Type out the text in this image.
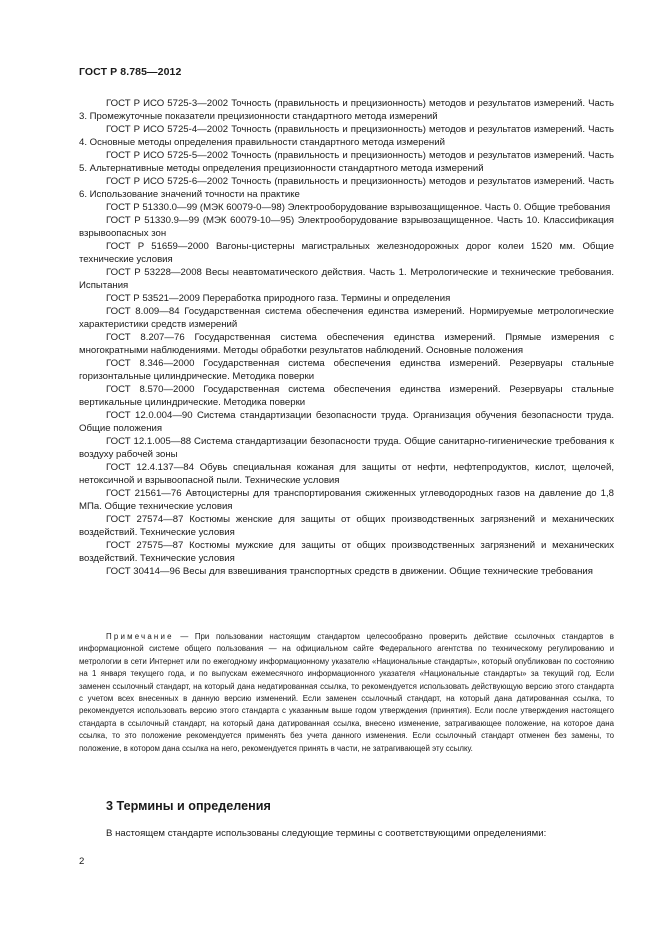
ГОСТ Р 8.785—2012

ГОСТ Р ИСО 5725-3—2002 Точность (правильность и прецизионность) методов и результатов измерений. Часть 3. Промежуточные показатели прецизионности стандартного метода измерений

ГОСТ Р ИСО 5725-4—2002 Точность (правильность и прецизионность) методов и результатов измерений. Часть 4. Основные методы определения правильности стандартного метода измерений

ГОСТ Р ИСО 5725-5—2002 Точность (правильность и прецизионность) методов и результатов измерений. Часть 5. Альтернативные методы определения прецизионности стандартного метода измерений

ГОСТ Р ИСО 5725-6—2002 Точность (правильность и прецизионность) методов и результатов измерений. Часть 6. Использование значений точности на практике

ГОСТ Р 51330.0—99 (МЭК 60079-0—98) Электрооборудование взрывозащищенное. Часть 0. Общие требования

ГОСТ Р 51330.9—99 (МЭК 60079-10—95) Электрооборудование взрывозащищенное. Часть 10. Классификация взрывоопасных зон

ГОСТ Р 51659—2000 Вагоны-цистерны магистральных железнодорожных дорог колеи 1520 мм. Общие технические условия

ГОСТ Р 53228—2008 Весы неавтоматического действия. Часть 1. Метрологические и технические требования. Испытания

ГОСТ Р 53521—2009 Переработка природного газа. Термины и определения

ГОСТ 8.009—84 Государственная система обеспечения единства измерений. Нормируемые метрологические характеристики средств измерений

ГОСТ 8.207—76 Государственная система обеспечения единства измерений. Прямые измерения с многократными наблюдениями. Методы обработки результатов наблюдений. Основные положения

ГОСТ 8.346—2000 Государственная система обеспечения единства измерений. Резервуары стальные горизонтальные цилиндрические. Методика поверки

ГОСТ 8.570—2000 Государственная система обеспечения единства измерений. Резервуары стальные вертикальные цилиндрические. Методика поверки

ГОСТ 12.0.004—90 Система стандартизации безопасности труда. Организация обучения безопасности труда. Общие положения

ГОСТ 12.1.005—88 Система стандартизации безопасности труда. Общие санитарно-гигиенические требования к воздуху рабочей зоны

ГОСТ 12.4.137—84 Обувь специальная кожаная для защиты от нефти, нефтепродуктов, кислот, щелочей, нетоксичной и взрывоопасной пыли. Технические условия

ГОСТ 21561—76 Автоцистерны для транспортирования сжиженных углеводородных газов на давление до 1,8 МПа. Общие технические условия

ГОСТ 27574—87 Костюмы женские для защиты от общих производственных загрязнений и механических воздействий. Технические условия

ГОСТ 27575—87 Костюмы мужские для защиты от общих производственных загрязнений и механических воздействий. Технические условия

ГОСТ 30414—96 Весы для взвешивания транспортных средств в движении. Общие технические требования

Примечание — При пользовании настоящим стандартом целесообразно проверить действие ссылочных стандартов в информационной системе общего пользования — на официальном сайте Федерального агентства по техническому регулированию и метрологии в сети Интернет или по ежегодному информационному указателю «Национальные стандарты», который опубликован по состоянию на 1 января текущего года, и по выпускам ежемесячного информационного указателя «Национальные стандарты» за текущий год. Если заменен ссылочный стандарт, на который дана недатированная ссылка, то рекомендуется использовать действующую версию этого стандарта с учетом всех внесенных в данную версию изменений. Если заменен ссылочный стандарт, на который дана датированная ссылка, то рекомендуется использовать версию этого стандарта с указанным выше годом утверждения (принятия). Если после утверждения настоящего стандарта в ссылочный стандарт, на который дана датированная ссылка, внесено изменение, затрагивающее положение, на которое дана ссылка, то это положение рекомендуется применять без учета данного изменения. Если ссылочный стандарт отменен без замены, то положение, в котором дана ссылка на него, рекомендуется принять в части, не затрагивающей эту ссылку.

3 Термины и определения
В настоящем стандарте использованы следующие термины с соответствующими определениями:
2
